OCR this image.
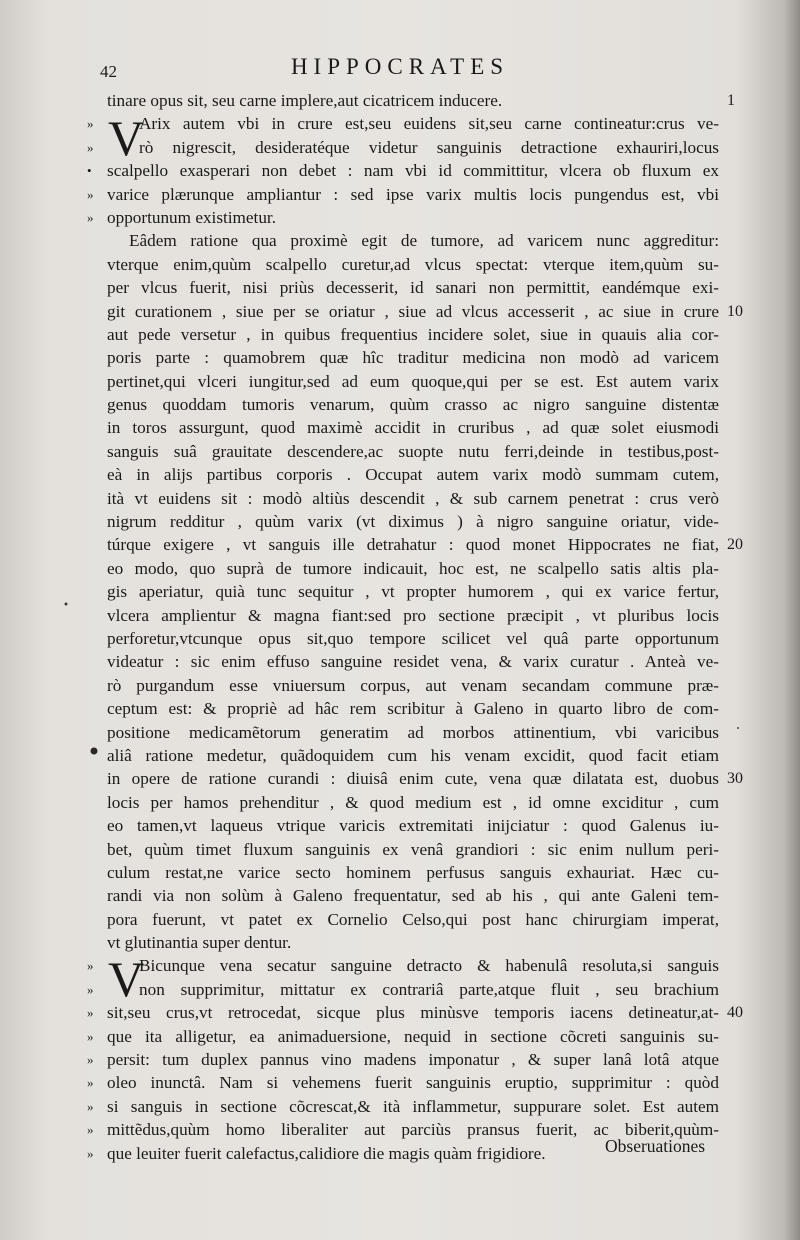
42	HIPPOCRATES
tinare opus sit, seu carne implere,aut cicatricem inducere.	1
» V
Arix autem vbi in crure est,seu euidens sit,seu carne contineatur:crus ve-
»	rò nigrescit, desideratéque videtur sanguinis detractione exhauriri,locus
• scalpello exasperari non debet : nam vbi id committitur, vlcera ob fluxum ex
» varice plærunque ampliantur : sed ipse varix multis locis pungendus est, vbi
» opportunum existimetur.
Eâdem ratione qua proximè egit de tumore, ad varicem nunc aggreditur:
vterque enim,quùm scalpello curetur,ad vlcus spectat: vterque item,quùm su-
per vlcus fuerit, nisi priùs decesserit, id sanari non permittit, eandémque exi-
git curationem , siue per se oriatur , siue ad vlcus accesserit , ac siue in crure 10
aut pede versetur , in quibus frequentius incidere solet, siue in quauis alia cor-
poris parte : quamobrem quæ hîc traditur medicina non modò ad varicem
pertinet,qui vlceri iungitur,sed ad eum quoque,qui per se est. Est autem varix
genus quoddam tumoris venarum, quùm crasso ac nigro sanguine distentæ
in toros assurgunt, quod maximè accidit in cruribus , ad quæ solet eiusmodi
sanguis suâ grauitate descendere,ac suopte nutu ferri,deinde in testibus,post-
eà in alijs partibus corporis . Occupat autem varix modò summam cutem,
ità vt euidens sit : modò altiùs descendit , & sub carnem penetrat : crus verò
nigrum redditur , quùm varix (vt diximus ) à nigro sanguine oriatur, vide-
túrque exigere , vt sanguis ille detrahatur : quod monet Hippocrates ne fiat, 20
eo modo, quo suprà de tumore indicauit, hoc est, ne scalpello satis altis pla-
gis aperiatur, quià tunc sequitur , vt propter humorem , qui ex varice fertur,
vlcera amplientur & magna fiant:sed pro sectione præcipit , vt pluribus locis
perforetur,vtcunque opus sit,quo tempore scilicet vel quâ parte opportunum
videatur : sic enim effuso sanguine residet vena, & varix curatur . Anteà ve-
rò purgandum esse vniuersum corpus, aut venam secandam commune præ-
ceptum est: & propriè ad hâc rem scribitur à Galeno in quarto libro de com-
positione medicamẽtorum generatim ad morbos attinentium, vbi varicibus
aliâ ratione medetur, quãdoquidem cum his venam excidit, quod facit etiam
in opere de ratione curandi : diuisâ enim cute, vena quæ dilatata est, duobus 30
locis per hamos prehenditur , & quod medium est , id omne exciditur , cum
eo tamen,vt laqueus vtrique varicis extremitati inijciatur : quod Galenus iu-
bet, quùm timet fluxum sanguinis ex venâ grandiori : sic enim nullum peri-
culum restat,ne varice secto hominem perfusus sanguis exhauriat. Hæc cu-
randi via non solùm à Galeno frequentatur, sed ab his , qui ante Galeni tem-
pora fuerunt, vt patet ex Cornelio Celso,qui post hanc chirurgiam imperat,
vt glutinantia super dentur.
» V
Bicunque vena secatur sanguine detracto & habenulâ resoluta,si sanguis
»	non supprimitur, mittatur ex contrariâ parte,atque fluit , seu brachium
» sit,seu crus,vt retrocedat, sicque plus minùsve temporis iacens detineatur,at- 40
» que ita alligetur, ea animaduersione, nequid in sectione cõcreti sanguinis su-
» persit: tum duplex pannus vino madens imponatur , & super lanâ lotâ atque
» oleo inunctâ. Nam si vehemens fuerit sanguinis eruptio, supprimitur : quòd
» si sanguis in sectione cõcrescat,& ità inflammetur, suppurare solet. Est autem
» mittẽdus,quùm homo liberaliter aut parciùs pransus fuerit, ac biberit,quùm-
» que leuiter fuerit calefactus,calidiore die magis quàm frigidiore.	Obseruationes
